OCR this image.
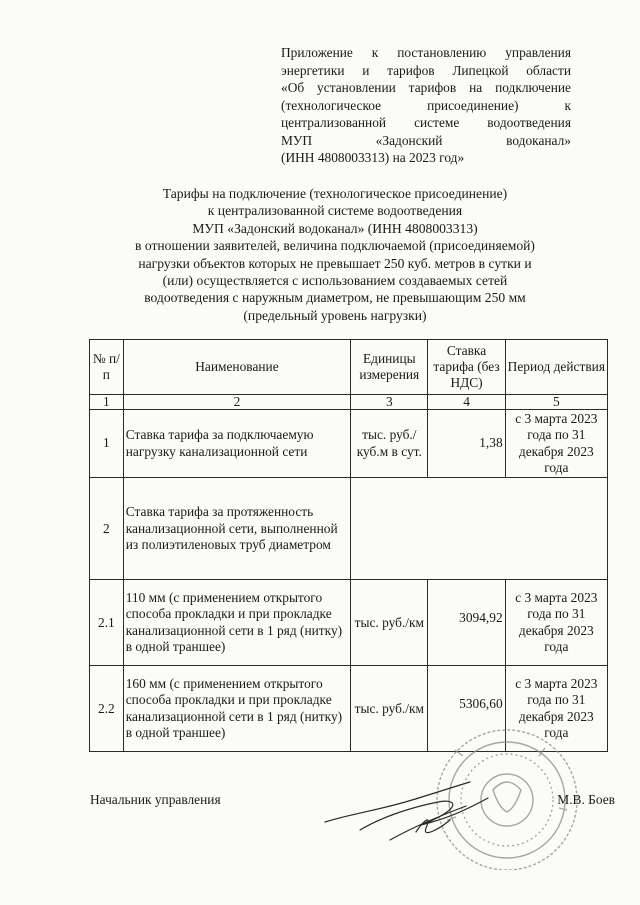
Приложение к постановлению управления
энергетики и тарифов Липецкой области
«Об установлении тарифов на подключение
(технологическое присоединение) к
централизованной системе водоотведения
МУП «Задонский водоканал»
(ИНН 4808003313) на 2023 год»
Тарифы на подключение (технологическое присоединение)
к централизованной системе водоотведения
МУП «Задонский водоканал» (ИНН 4808003313)
в отношении заявителей, величина подключаемой (присоединяемой)
нагрузки объектов которых не превышает 250 куб. метров в сутки и
(или) осуществляется с использованием создаваемых сетей
водоотведения с наружным диаметром, не превышающим 250 мм
(предельный уровень нагрузки)
№ п/п	Наименование	Единицы измерения	Ставка тарифа (без НДС)	Период действия
1	2	3	4	5
1	Ставка тарифа за подключаемую нагрузку канализационной сети	тыс. руб./ куб.м в сут.	1,38	с 3 марта 2023 года по 31 декабря 2023 года
2	Ставка тарифа за протяженность канализационной сети, выполненной из полиэтиленовых труб диаметром			
2.1	110 мм (с применением открытого способа прокладки и при прокладке канализационной сети в 1 ряд (нитку) в одной траншее)	тыс. руб./км	3094,92	с 3 марта 2023 года по 31 декабря 2023 года
2.2	160 мм (с применением открытого способа прокладки и при прокладке канализационной сети в 1 ряд (нитку) в одной траншее)	тыс. руб./км	5306,60	с 3 марта 2023 года по 31 декабря 2023 года
Начальник управления	М.В. Боев
